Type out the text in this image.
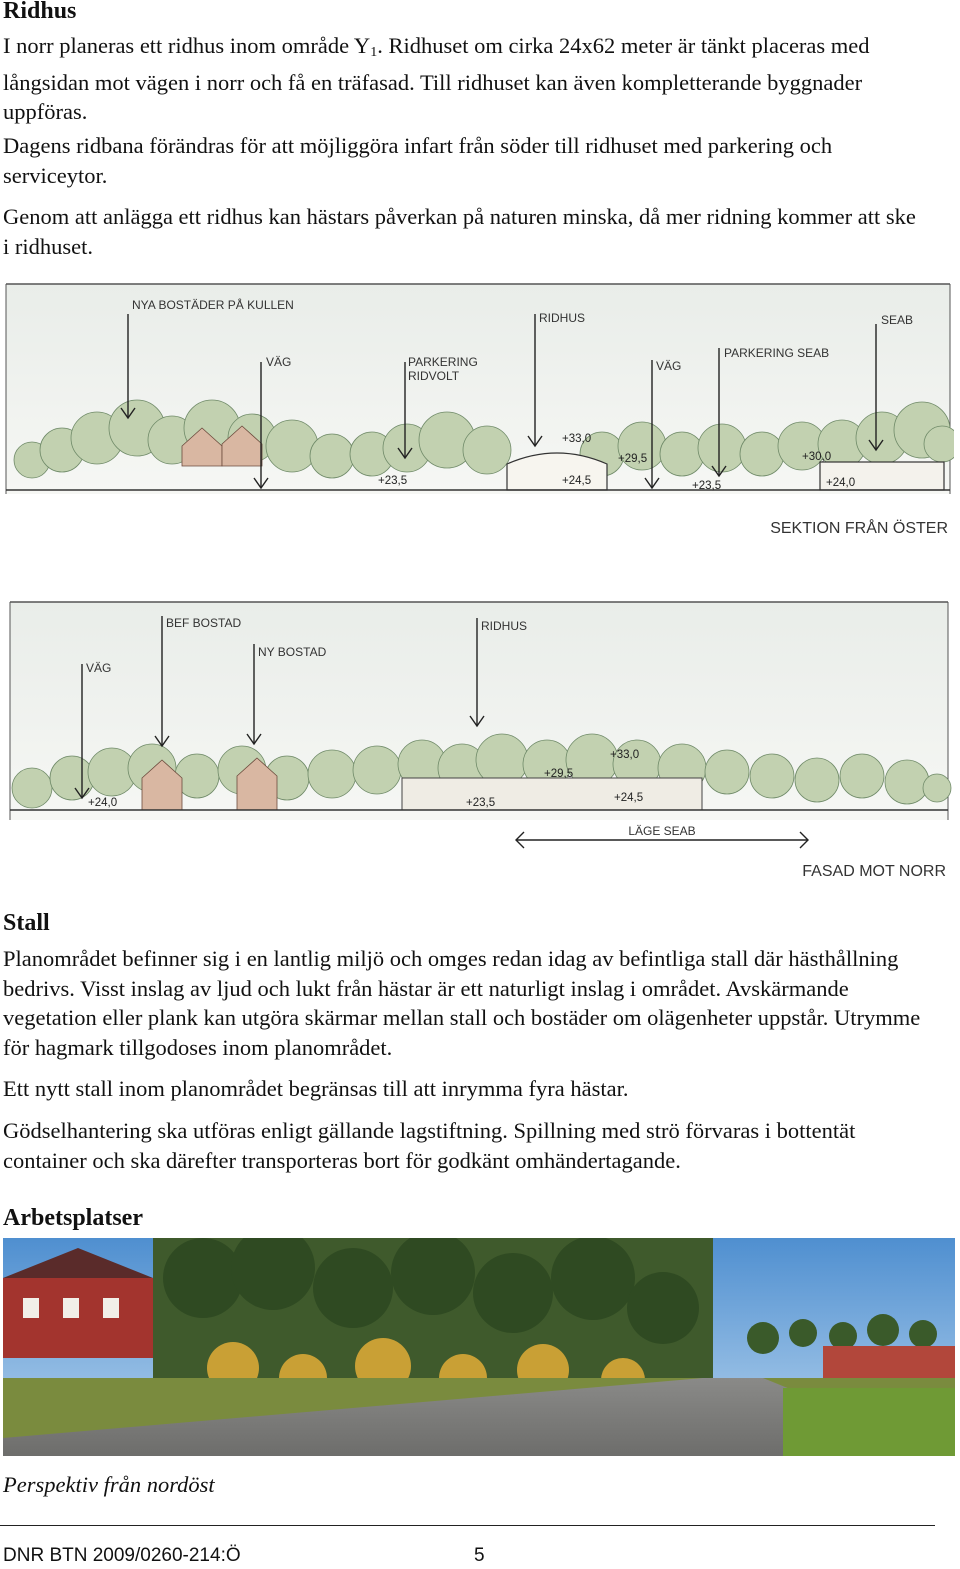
Ridhus

I norr planeras ett ridhus inom område $Y_1$. Ridhuset om cirka 24x62 meter är tänkt placeras med långsidan mot vägen i norr och få en träfasad. Till ridhuset kan även kompletterande byggnader uppföras.

Dagens ridbana förändras för att möjliggöra infart från söder till ridhuset med parkering och serviceytor.

Genom att anlägga ett ridhus kan hästars påverkan på naturen minska, då mer ridning kommer att ske i ridhuset.

NYA BOSTÄDER PÅ KULLEN
VÄG	PARKERING
RIDVOLT
RIDHUS
VÄG
PARKERING SEAB
SEAB
+23,5
+33,0
+29,5
+24,5	+23,5
+30,0
+24,0
SEKTION FRÅN ÖSTER
BEF BOSTAD
NY BOSTAD
VÄG
RIDHUS
+24,0
+33,0
+29,5
+23,5	+24,5
LÄGE SEAB
FASAD MOT NORR
Stall

Planområdet befinner sig i en lantlig miljö och omges redan idag av befintliga stall där hästhållning bedrivs. Visst inslag av ljud och lukt från hästar är ett naturligt inslag i området. Avskärmande vegetation eller plank kan utgöra skärmar mellan stall och bostäder om olägenheter uppstår. Utrymme för hagmark tillgodoses inom planområdet.

Ett nytt stall inom planområdet begränsas till att inrymma fyra hästar.

Gödselhantering ska utföras enligt gällande lagstiftning. Spillning med strö förvaras i bottentät container och ska därefter transporteras bort för godkänt omhändertagande.

Arbetsplatser

Perspektiv från nordöst

DNR BTN 2009/0260-214:Ö	5
